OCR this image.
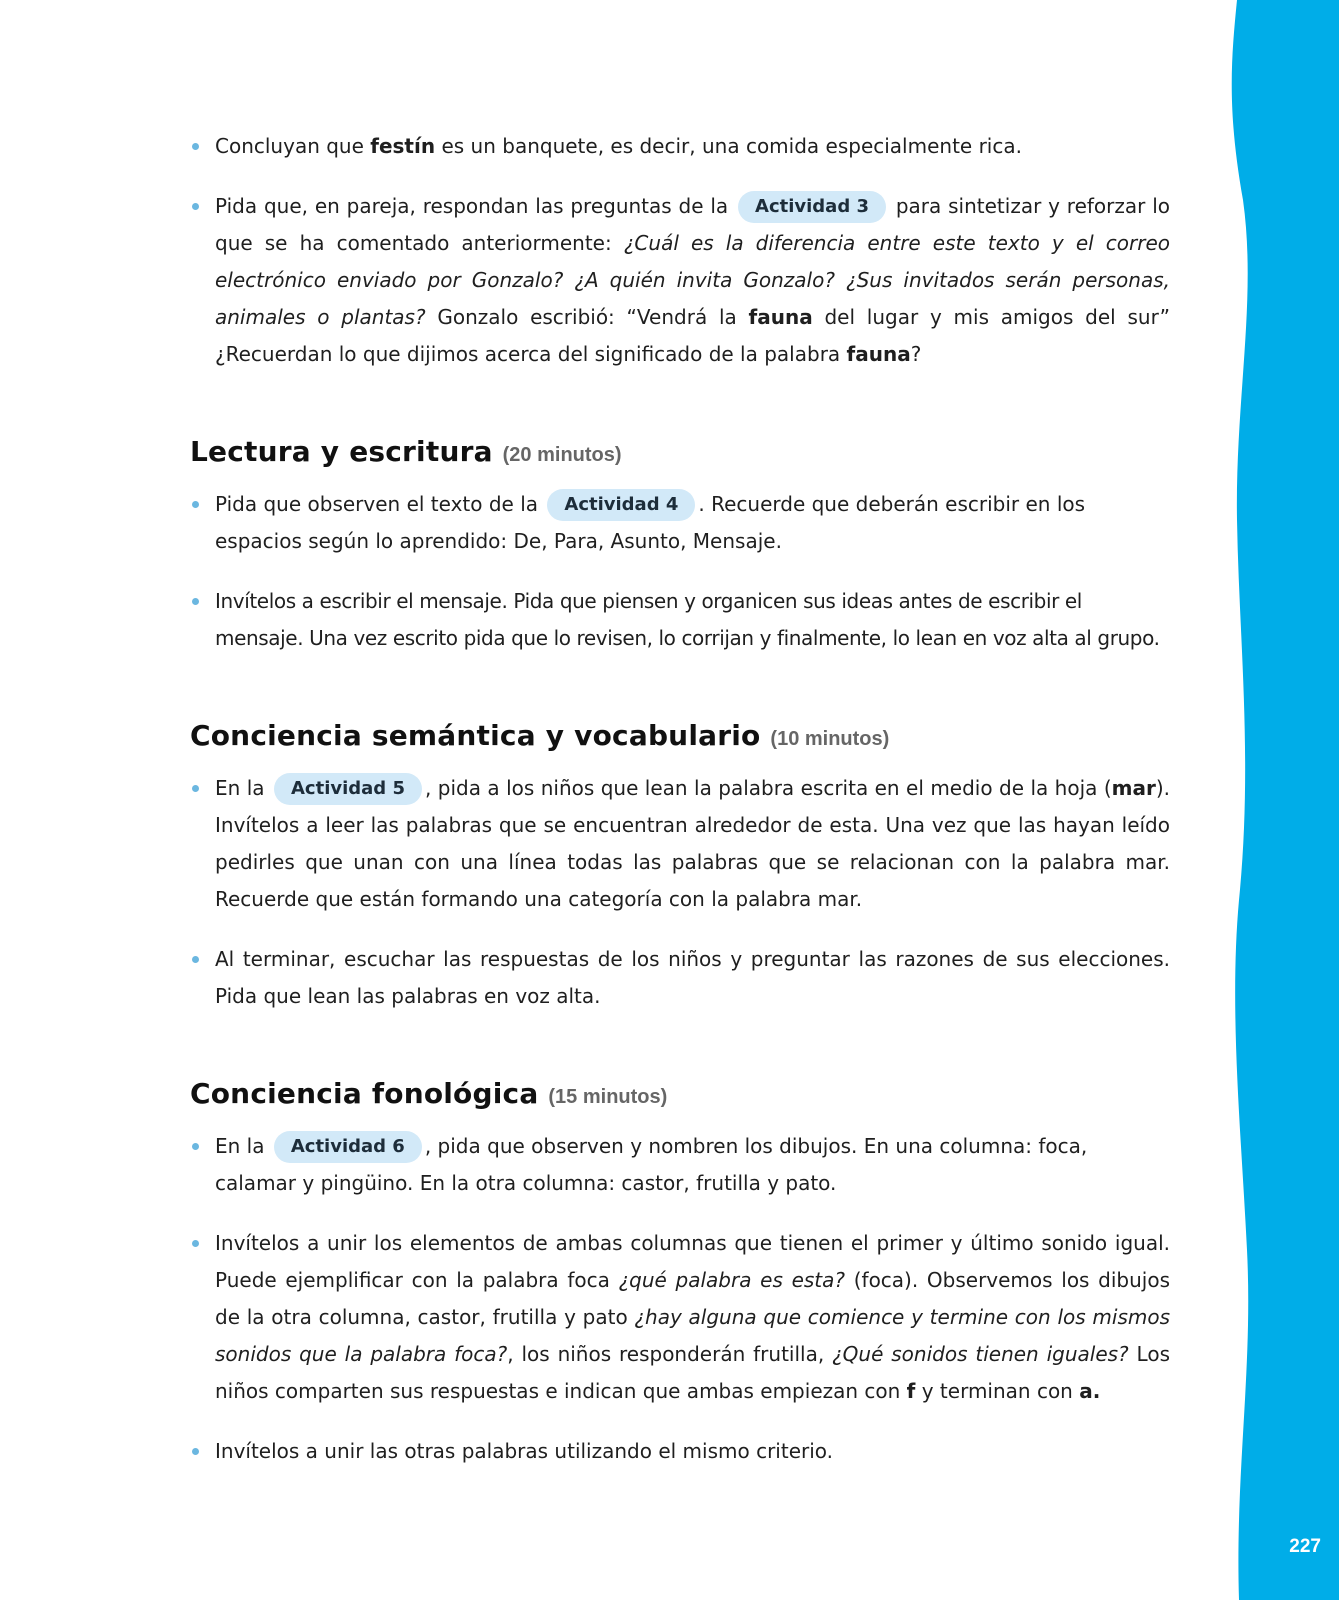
227
Concluyan que festín es un banquete, es decir, una comida especialmente rica.
Pida que, en pareja, respondan las preguntas de la Actividad 3 para sintetizar y reforzar lo que se ha comentado anteriormente: ¿Cuál es la diferencia entre este texto y el correo electrónico enviado por Gonzalo? ¿A quién invita Gonzalo? ¿Sus invitados serán personas, animales o plantas? Gonzalo escribió: “Vendrá la fauna del lugar y mis amigos del sur” ¿Recuerdan lo que dijimos acerca del significado de la palabra fauna?
Lectura y escritura (20 minutos)
Pida que observen el texto de la Actividad 4 . Recuerde que deberán escribir en los espacios según lo aprendido: De, Para, Asunto, Mensaje.
Invítelos a escribir el mensaje. Pida que piensen y organicen sus ideas antes de escribir el mensaje. Una vez escrito pida que lo revisen, lo corrijan y finalmente, lo lean en voz alta al grupo.
Conciencia semántica y vocabulario (10 minutos)
En la Actividad 5 , pida a los niños que lean la palabra escrita en el medio de la hoja (mar). Invítelos a leer las palabras que se encuentran alrededor de esta. Una vez que las hayan leído pedirles que unan con una línea todas las palabras que se relacionan con la palabra mar. Recuerde que están formando una categoría con la palabra mar.
Al terminar, escuchar las respuestas de los niños y preguntar las razones de sus elecciones. Pida que lean las palabras en voz alta.
Conciencia fonológica (15 minutos)
En la Actividad 6 , pida que observen y nombren los dibujos. En una columna: foca, calamar y pingüino. En la otra columna: castor, frutilla y pato.
Invítelos a unir los elementos de ambas columnas que tienen el primer y último sonido igual. Puede ejemplificar con la palabra foca ¿qué palabra es esta? (foca). Observemos los dibujos de la otra columna, castor, frutilla y pato ¿hay alguna que comience y termine con los mismos sonidos que la palabra foca?, los niños responderán frutilla, ¿Qué sonidos tienen iguales? Los niños comparten sus respuestas e indican que ambas empiezan con f y terminan con a.
Invítelos a unir las otras palabras utilizando el mismo criterio.
